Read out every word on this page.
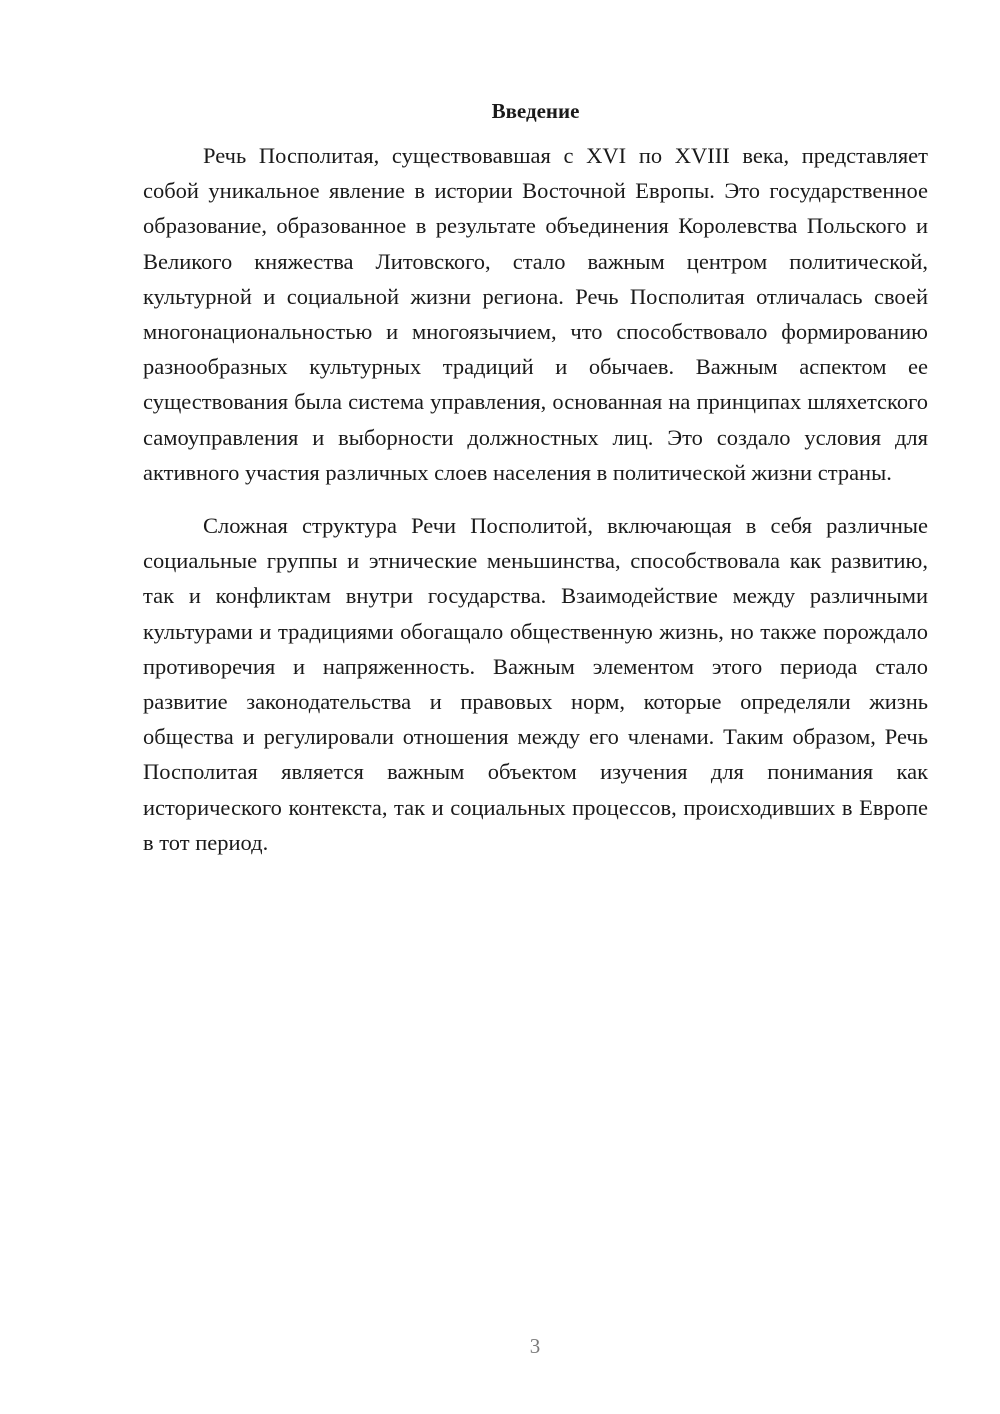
Введение

Речь Посполитая, существовавшая с XVI по XVIII века, представляет собой уникальное явление в истории Восточной Европы. Это государственное образование, образованное в результате объединения Королевства Польского и Великого княжества Литовского, стало важным центром политической, культурной и социальной жизни региона. Речь Посполитая отличалась своей многонациональностью и многоязычием, что способствовало формированию разнообразных культурных традиций и обычаев. Важным аспектом ее существования была система управления, основанная на принципах шляхетского самоуправления и выборности должностных лиц. Это создало условия для активного участия различных слоев населения в политической жизни страны.

Сложная структура Речи Посполитой, включающая в себя различные социальные группы и этнические меньшинства, способствовала как развитию, так и конфликтам внутри государства. Взаимодействие между различными культурами и традициями обогащало общественную жизнь, но также порождало противоречия и напряженность. Важным элементом этого периода стало развитие законодательства и правовых норм, которые определяли жизнь общества и регулировали отношения между его членами. Таким образом, Речь Посполитая является важным объектом изучения для понимания как исторического контекста, так и социальных процессов, происходивших в Европе в тот период.

3
